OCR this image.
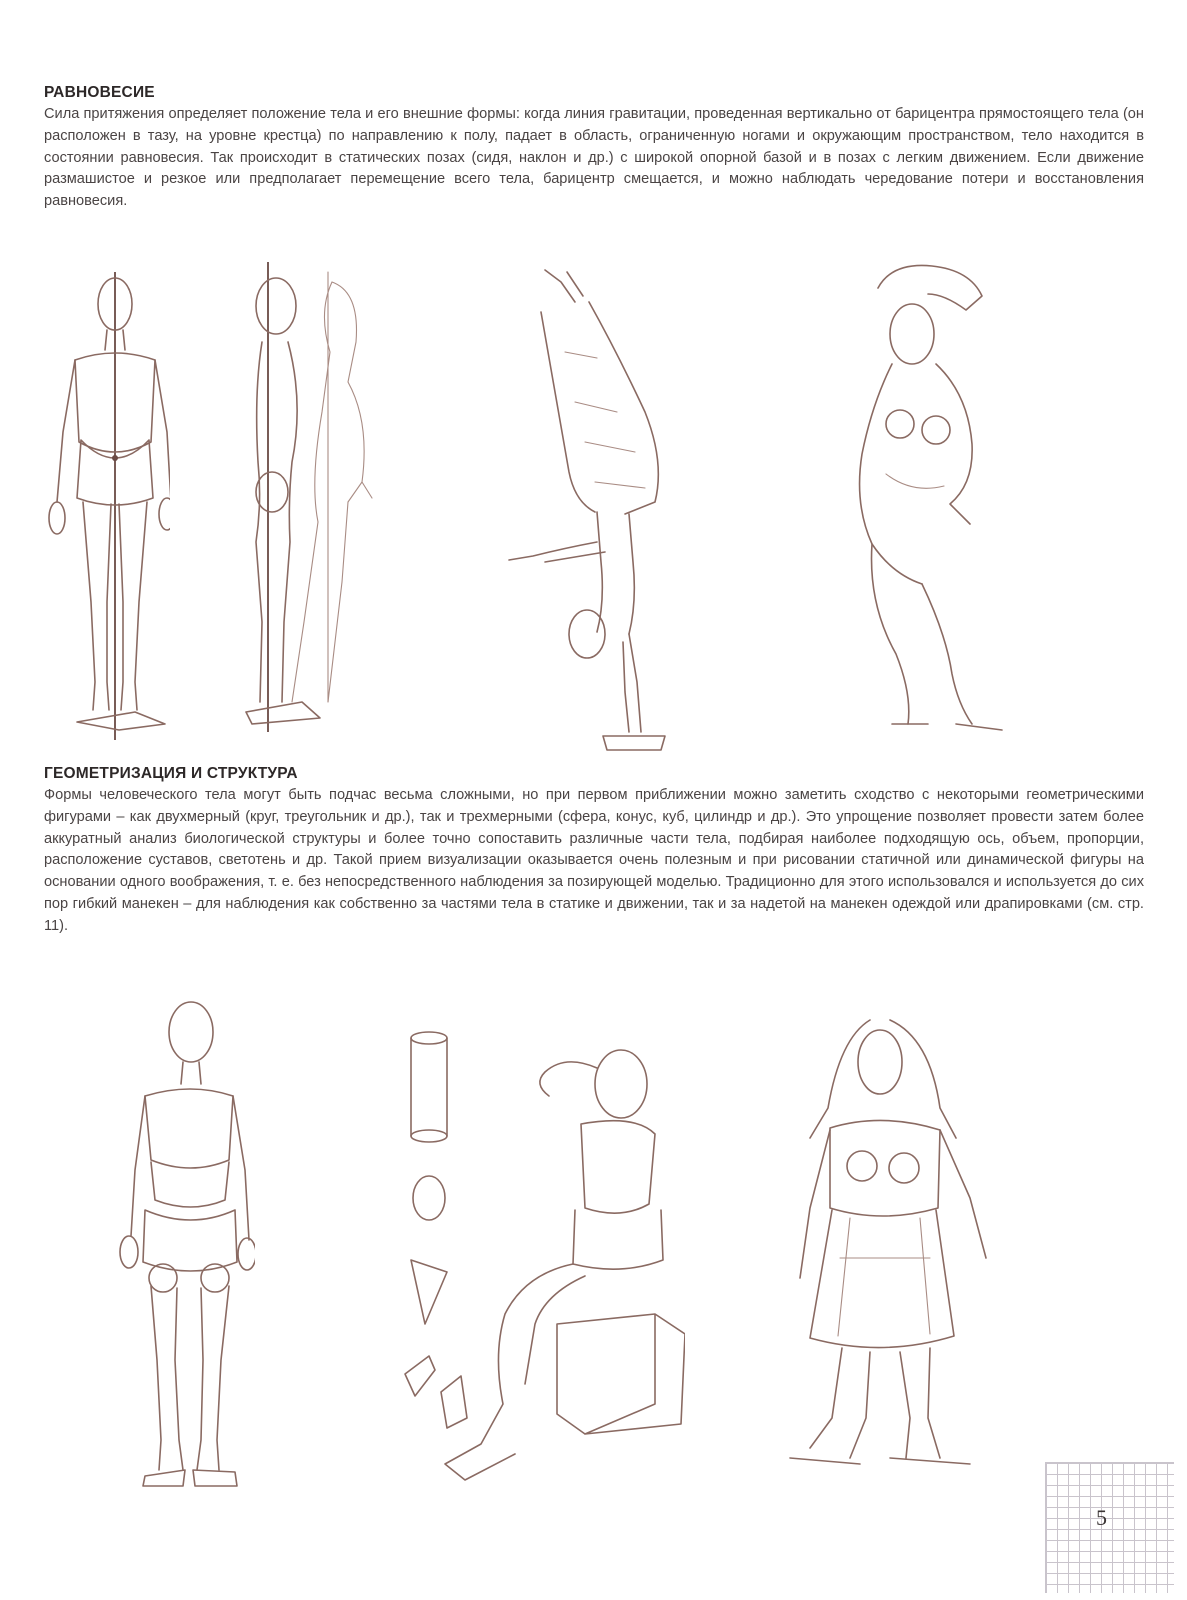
РАВНОВЕСИЕ

Сила притяжения определяет положение тела и его внешние формы: когда линия гравитации, проведенная вертикально от барицентра прямостоящего тела (он расположен в тазу, на уровне крестца) по направлению к полу, падает в область, ограниченную ногами и окружающим пространством, тело находится в состоянии равновесия. Так происходит в статических позах (сидя, наклон и др.) с широкой опорной базой и в позах с легким движением. Если движение размашистое и резкое или предполагает перемещение всего тела, барицентр смещается, и можно наблюдать чередование потери и восстановления равновесия.

ГЕОМЕТРИЗАЦИЯ И СТРУКТУРА

Формы человеческого тела могут быть подчас весьма сложными, но при первом приближении можно заметить сходство с некоторыми геометрическими фигурами – как двухмерный (круг, треугольник и др.), так и трехмерными (сфера, конус, куб, цилиндр и др.). Это упрощение позволяет провести затем более аккуратный анализ биологической структуры и более точно сопоставить различные части тела, подбирая наиболее подходящую ось, объем, пропорции, расположение суставов, светотень и др. Такой прием визуализации оказывается очень полезным и при рисовании статичной или динамической фигуры на основании одного воображения, т. е. без непосредственного наблюдения за позирующей моделью. Традиционно для этого использовался и используется до сих пор гибкий манекен – для наблюдения как собственно за частями тела в статике и движении, так и за надетой на манекен одеждой или драпировками (см. стр. 11).

5
